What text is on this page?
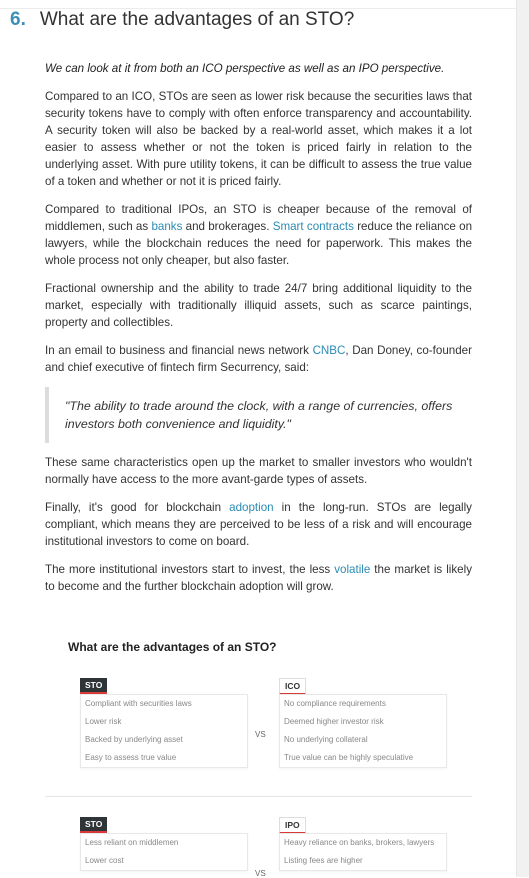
6. What are the advantages of an STO?

We can look at it from both an ICO perspective as well as an IPO perspective.

Compared to an ICO, STOs are seen as lower risk because the securities laws that security tokens have to comply with often enforce transparency and accountability. A security token will also be backed by a real-world asset, which makes it a lot easier to assess whether or not the token is priced fairly in relation to the underlying asset. With pure utility tokens, it can be difficult to assess the true value of a token and whether or not it is priced fairly.

Compared to traditional IPOs, an STO is cheaper because of the removal of middlemen, such as banks and brokerages. Smart contracts reduce the reliance on lawyers, while the blockchain reduces the need for paperwork. This makes the whole process not only cheaper, but also faster.

Fractional ownership and the ability to trade 24/7 bring additional liquidity to the market, especially with traditionally illiquid assets, such as scarce paintings, property and collectibles.

In an email to business and financial news network CNBC, Dan Doney, co-founder and chief executive of fintech firm Securrency, said:

"The ability to trade around the clock, with a range of currencies, offers investors both convenience and liquidity."

These same characteristics open up the market to smaller investors who wouldn't normally have access to the more avant-garde types of assets.

Finally, it's good for blockchain adoption in the long-run. STOs are legally compliant, which means they are perceived to be less of a risk and will encourage institutional investors to come on board.

The more institutional investors start to invest, the less volatile the market is likely to become and the further blockchain adoption will grow.

What are the advantages of an STO?
STO
Compliant with securities laws
Lower risk
Backed by underlying asset
Easy to assess true value
VS
ICO
No compliance requirements
Deemed higher investor risk
No underlying collateral
True value can be highly speculative
STO
Less reliant on middlemen
Lower cost
VS
IPO
Heavy reliance on banks, brokers, lawyers
Listing fees are higher
